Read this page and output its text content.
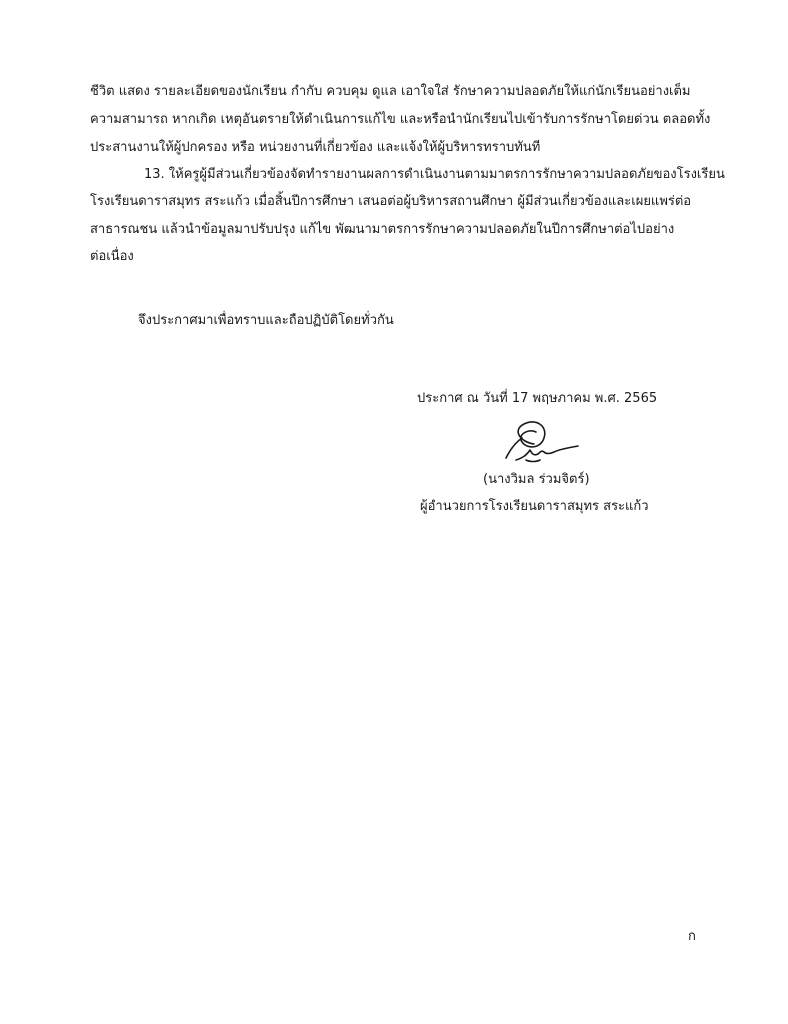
ชีวิต แสดง รายละเอียดของนักเรียน กำกับ ควบคุม ดูแล เอาใจใส่ รักษาความปลอดภัยให้แก่นักเรียนอย่างเต็ม
ความสามารถ หากเกิด เหตุอันตรายให้ดำเนินการแก้ไข และหรือนำนักเรียนไปเข้ารับการรักษาโดยด่วน ตลอดทั้ง
ประสานงานให้ผู้ปกครอง หรือ หน่วยงานที่เกี่ยวข้อง และแจ้งให้ผู้บริหารทราบทันที
13. ให้ครูผู้มีส่วนเกี่ยวข้องจัดทำรายงานผลการดำเนินงานตามมาตรการรักษาความปลอดภัยของโรงเรียน
โรงเรียนดาราสมุทร สระแก้ว เมื่อสิ้นปีการศึกษา เสนอต่อผู้บริหารสถานศึกษา ผู้มีส่วนเกี่ยวข้องและเผยแพร่ต่อ
สาธารณชน แล้วนำข้อมูลมาปรับปรุง แก้ไข พัฒนามาตรการรักษาความปลอดภัยในปีการศึกษาต่อไปอย่าง
ต่อเนื่อง
จึงประกาศมาเพื่อทราบและถือปฏิบัติโดยทั่วกัน
ประกาศ ณ วันที่ 17 พฤษภาคม พ.ศ. 2565
(นางวิมล ร่วมจิตร์)
ผู้อำนวยการโรงเรียนดาราสมุทร สระแก้ว
ก
